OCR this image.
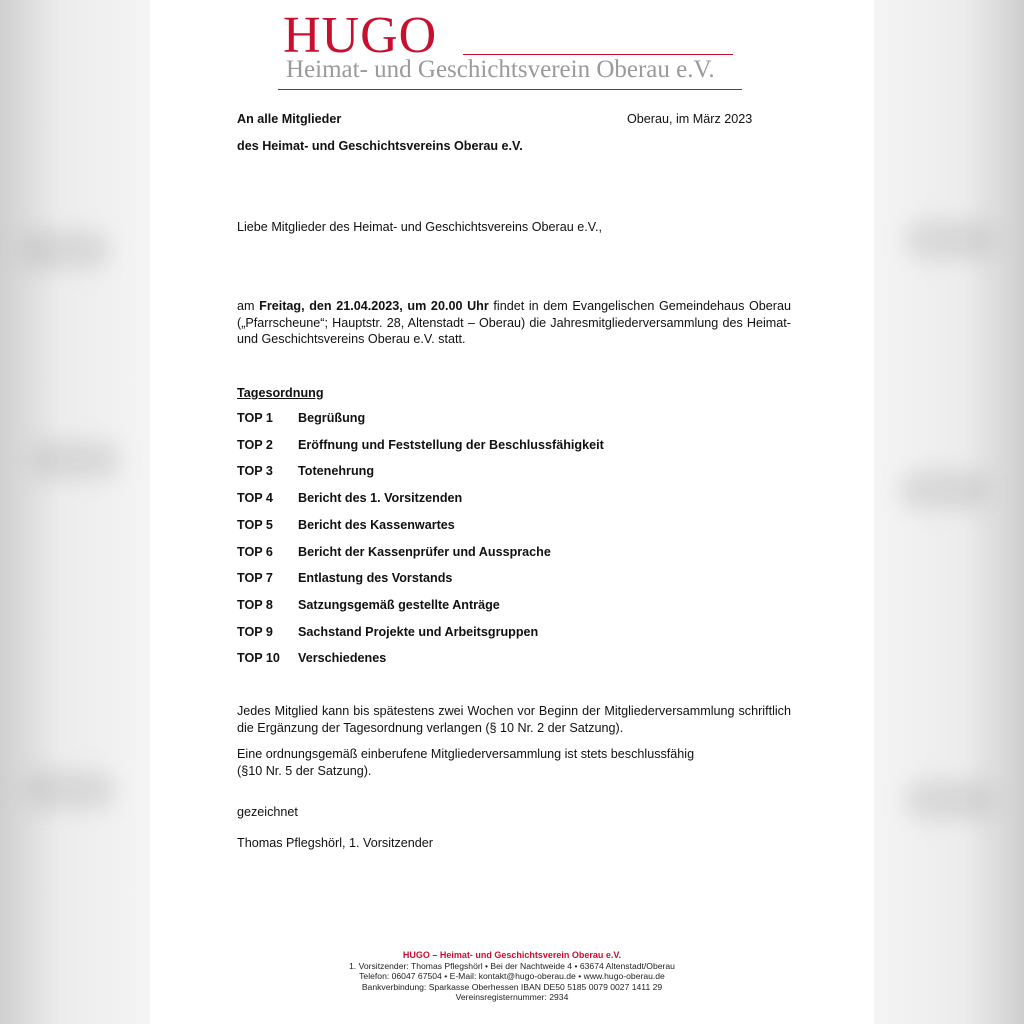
HUGO
Heimat- und Geschichtsverein Oberau e.V.
An alle Mitglieder	Oberau, im März 2023
des Heimat- und Geschichtsvereins Oberau e.V.
Liebe Mitglieder des Heimat- und Geschichtsvereins Oberau e.V.,
am Freitag, den 21.04.2023, um 20.00 Uhr findet in dem Evangelischen Gemeindehaus Oberau („Pfarrscheune“; Hauptstr. 28, Altenstadt – Oberau) die Jahresmitgliederversammlung des Heimat- und Geschichtsvereins Oberau e.V. statt.
Tagesordnung
TOP 1 Begrüßung
TOP 2 Eröffnung und Feststellung der Beschlussfähigkeit
TOP 3 Totenehrung
TOP 4 Bericht des 1. Vorsitzenden
TOP 5 Bericht des Kassenwartes
TOP 6 Bericht der Kassenprüfer und Aussprache
TOP 7 Entlastung des Vorstands
TOP 8 Satzungsgemäß gestellte Anträge
TOP 9 Sachstand Projekte und Arbeitsgruppen
TOP 10 Verschiedenes
Jedes Mitglied kann bis spätestens zwei Wochen vor Beginn der Mitgliederversammlung schriftlich die Ergänzung der Tagesordnung verlangen (§ 10 Nr. 2 der Satzung).
Eine ordnungsgemäß einberufene Mitgliederversammlung ist stets beschlussfähig
(§10 Nr. 5 der Satzung).
gezeichnet
Thomas Pflegshörl, 1. Vorsitzender
HUGO – Heimat- und Geschichtsverein Oberau e.V.
1. Vorsitzender: Thomas Pflegshörl • Bei der Nachtweide 4 • 63674 Altenstadt/Oberau
Telefon: 06047 67504 • E-Mail: kontakt@hugo-oberau.de • www.hugo-oberau.de
Bankverbindung: Sparkasse Oberhessen IBAN DE50 5185 0079 0027 1411 29
Vereinsregisternummer: 2934
